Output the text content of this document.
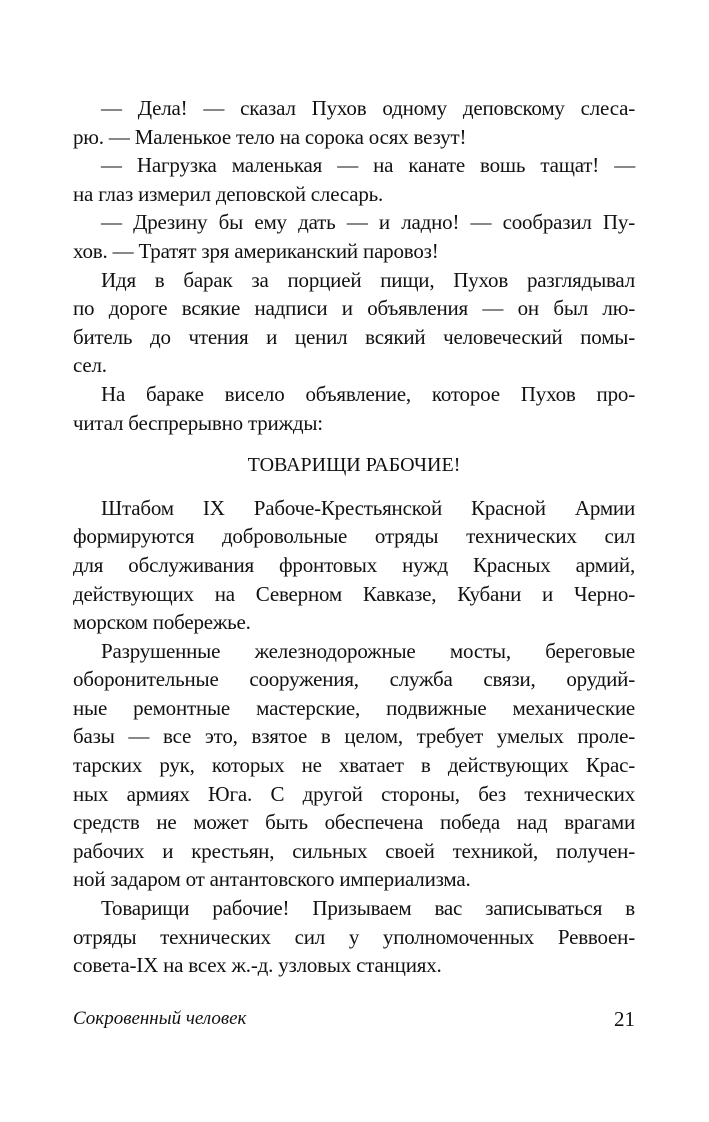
— Дела! — сказал Пухов одному деповскому слеса-
рю. — Маленькое тело на сорока осях везут!
— Нагрузка маленькая — на канате вошь тащат! —
на глаз измерил деповской слесарь.
— Дрезину бы ему дать — и ладно! — сообразил Пу-
хов. — Тратят зря американский паровоз!
Идя в барак за порцией пищи, Пухов разглядывал
по дороге всякие надписи и объявления — он был лю-
битель до чтения и ценил всякий человеческий помы-
сел.
На бараке висело объявление, которое Пухов про-
читал беспрерывно трижды:
ТОВАРИЩИ РАБОЧИЕ!
Штабом IX Рабоче-Крестьянской Красной Армии
формируются добровольные отряды технических сил
для обслуживания фронтовых нужд Красных армий,
действующих на Северном Кавказе, Кубани и Черно-
морском побережье.
Разрушенные железнодорожные мосты, береговые
оборонительные сооружения, служба связи, орудий-
ные ремонтные мастерские, подвижные механические
базы — все это, взятое в целом, требует умелых проле-
тарских рук, которых не хватает в действующих Крас-
ных армиях Юга. С другой стороны, без технических
средств не может быть обеспечена победа над врагами
рабочих и крестьян, сильных своей техникой, получен-
ной задаром от антантовского империализма.
Товарищи рабочие! Призываем вас записываться в
отряды технических сил у уполномоченных Реввоен-
совета-IX на всех ж.-д. узловых станциях.
Сокровенный человек	21
